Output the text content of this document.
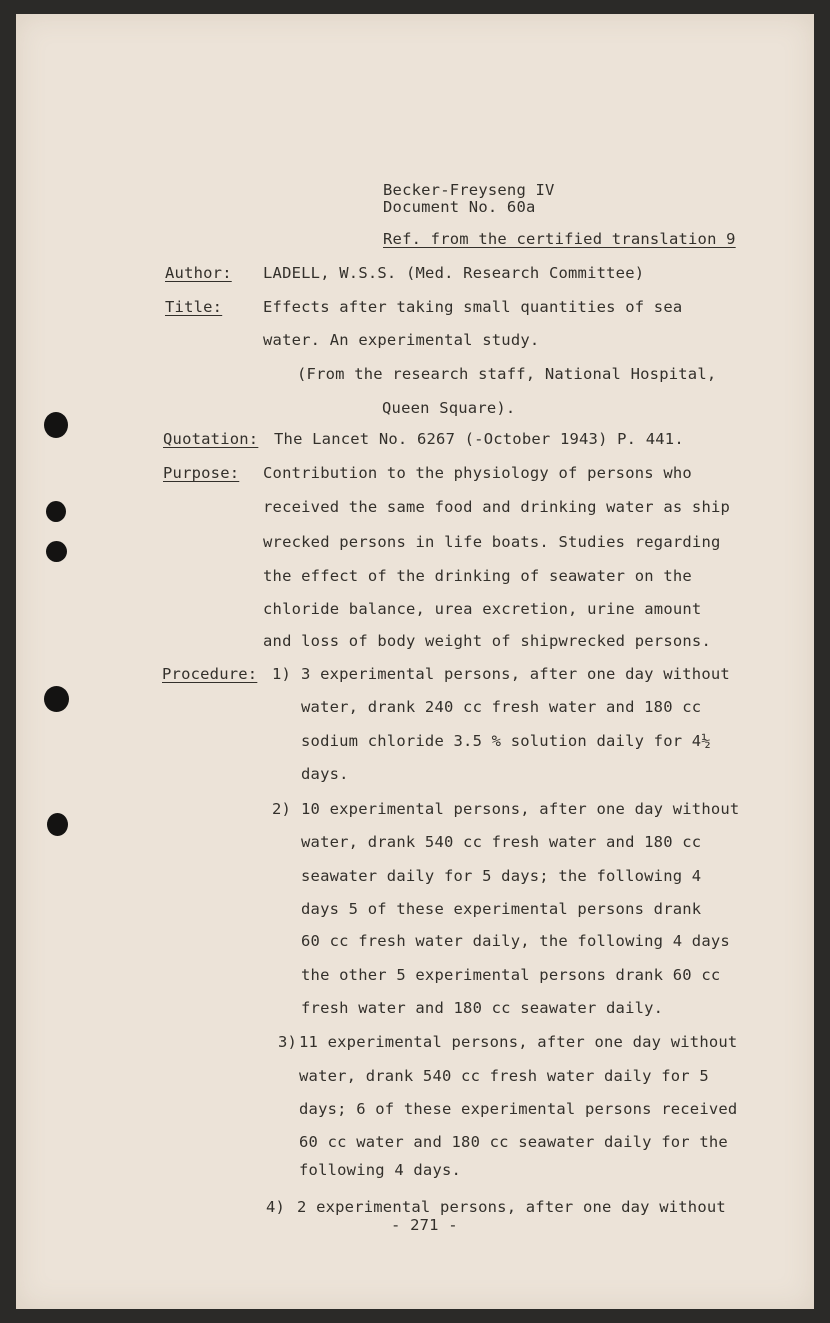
Becker-Freyseng IV
Document No. 60a
Ref. from the certified translation 9
Author: LADELL, W.S.S. (Med. Research Committee)
Title:	Effects after taking small quantities of sea
water. An experimental study.
(From the research staff, National Hospital,
Queen Square).
Quotation: The Lancet No. 6267 (-October 1943) P. 441.
Purpose: Contribution to the physiology of persons who
received the same food and drinking water as ship
wrecked persons in life boats. Studies regarding
the effect of the drinking of seawater on the
chloride balance, urea excretion, urine amount
and loss of body weight of shipwrecked persons.
Procedure: 1) 3 experimental persons, after one day without
water, drank 240 cc fresh water and 180 cc
sodium chloride 3.5 % solution daily for 4½
days.
2) 10 experimental persons, after one day without
water, drank 540 cc fresh water and 180 cc
seawater daily for 5 days; the following 4
days 5 of these experimental persons drank
60 cc fresh water daily, the following 4 days
the other 5 experimental persons drank 60 cc
fresh water and 180 cc seawater daily.
3) 11 experimental persons, after one day without
water, drank 540 cc fresh water daily for 5
days; 6 of these experimental persons received
60 cc water and 180 cc seawater daily for the
following 4 days.
4) 2 experimental persons, after one day without
- 271 -
